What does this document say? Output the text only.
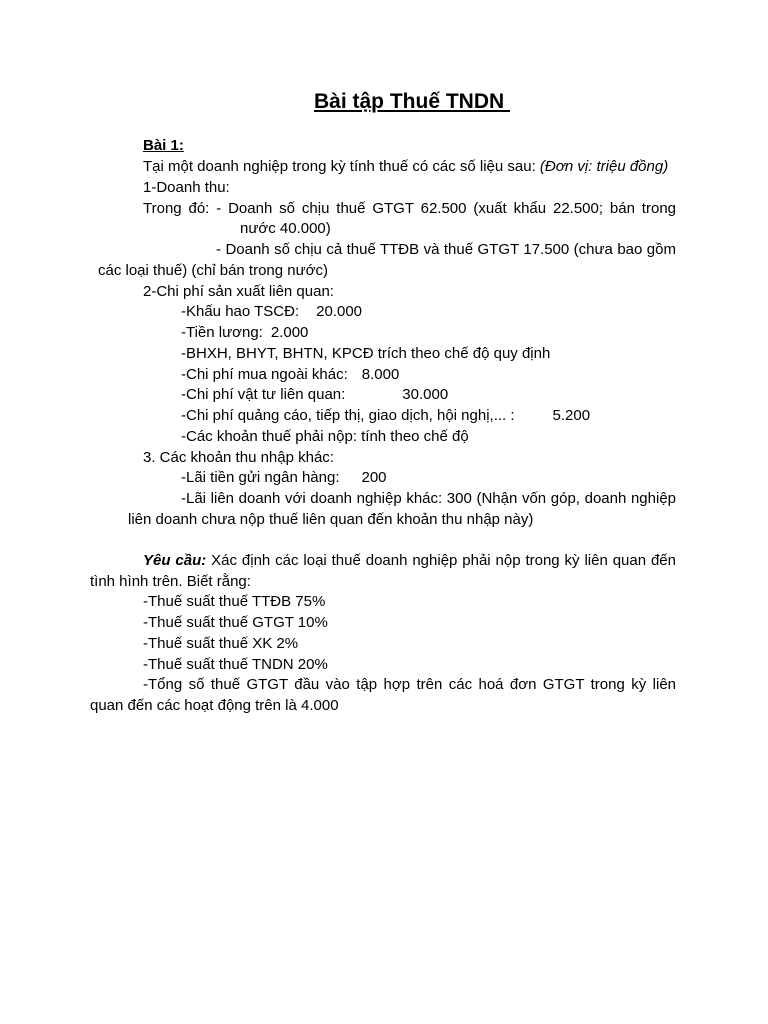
Bài tập Thuế TNDN
Bài 1:
Tại một doanh nghiệp trong kỳ tính thuế có các số liệu sau: (Đơn vị: triệu đồng)
1-Doanh thu:
Trong đó: - Doanh số chịu thuế GTGT 62.500 (xuất khẩu 22.500; bán trong
nước 40.000)
- Doanh số chịu cả thuế TTĐB và thuế GTGT 17.500 (chưa bao gồm
các loại thuế) (chỉ bán trong nước)
2-Chi phí sản xuất liên quan:
-Khấu hao TSCĐ: 20.000
-Tiền lương: 2.000
-BHXH, BHYT, BHTN, KPCĐ trích theo chế độ quy định
-Chi phí mua ngoài khác: 8.000
-Chi phí vật tư liên quan:	30.000
-Chi phí quảng cáo, tiếp thị, giao dịch, hội nghị,... :	5.200
-Các khoản thuế phải nộp: tính theo chế độ
3. Các khoản thu nhập khác:
-Lãi tiền gửi ngân hàng: 200
-Lãi liên doanh với doanh nghiệp khác: 300 (Nhận vốn góp, doanh nghiệp
liên doanh chưa nộp thuế liên quan đến khoản thu nhập này)
Yêu cầu: Xác định các loại thuế doanh nghiệp phải nộp trong kỳ liên quan đến
tình hình trên. Biết rằng:
-Thuế suất thuế TTĐB 75%
-Thuế suất thuế GTGT 10%
-Thuế suất thuế XK 2%
-Thuế suất thuế TNDN 20%
-Tổng số thuế GTGT đầu vào tập hợp trên các hoá đơn GTGT trong kỳ liên
quan đến các hoạt động trên là 4.000
